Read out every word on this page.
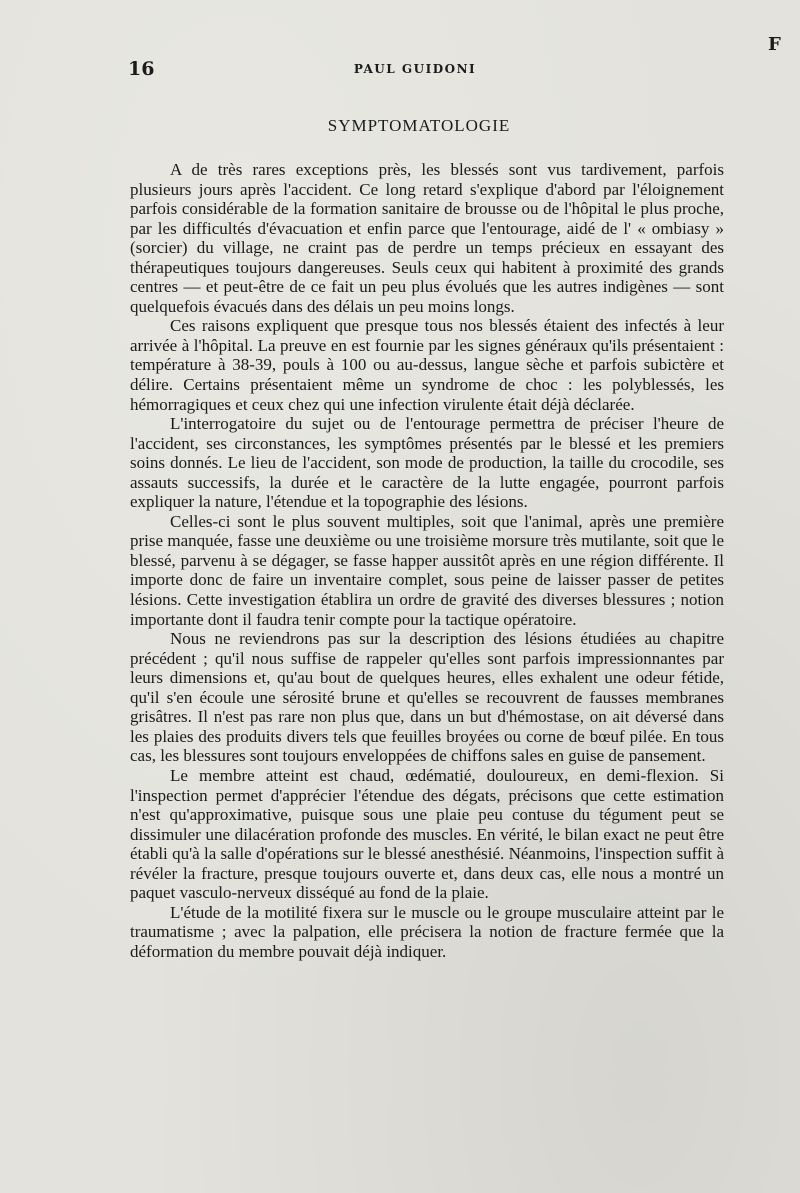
F
16	PAUL GUIDONI
SYMPTOMATOLOGIE

A de très rares exceptions près, les blessés sont vus tardivement, parfois plusieurs jours après l'accident. Ce long retard s'explique d'abord par l'éloignement parfois considérable de la formation sanitaire de brousse ou de l'hôpital le plus proche, par les difficultés d'évacuation et enfin parce que l'entourage, aidé de l' « ombiasy » (sorcier) du village, ne craint pas de perdre un temps précieux en essayant des thérapeutiques toujours dangereuses. Seuls ceux qui habitent à proximité des grands centres — et peut-être de ce fait un peu plus évolués que les autres indigènes — sont quelquefois évacués dans des délais un peu moins longs.

Ces raisons expliquent que presque tous nos blessés étaient des infectés à leur arrivée à l'hôpital. La preuve en est fournie par les signes généraux qu'ils présentaient : température à 38-39, pouls à 100 ou au-dessus, langue sèche et parfois subictère et délire. Certains présentaient même un syndrome de choc : les polyblessés, les hémorragiques et ceux chez qui une infection virulente était déjà déclarée.

L'interrogatoire du sujet ou de l'entourage permettra de préciser l'heure de l'accident, ses circonstances, les symptômes présentés par le blessé et les premiers soins donnés. Le lieu de l'accident, son mode de production, la taille du crocodile, ses assauts successifs, la durée et le caractère de la lutte engagée, pourront parfois expliquer la nature, l'étendue et la topographie des lésions.

Celles-ci sont le plus souvent multiples, soit que l'animal, après une première prise manquée, fasse une deuxième ou une troisième morsure très mutilante, soit que le blessé, parvenu à se dégager, se fasse happer aussitôt après en une région différente. Il importe donc de faire un inventaire complet, sous peine de laisser passer de petites lésions. Cette investigation établira un ordre de gravité des diverses blessures ; notion importante dont il faudra tenir compte pour la tactique opératoire.

Nous ne reviendrons pas sur la description des lésions étudiées au chapitre précédent ; qu'il nous suffise de rappeler qu'elles sont parfois impressionnantes par leurs dimensions et, qu'au bout de quelques heures, elles exhalent une odeur fétide, qu'il s'en écoule une sérosité brune et qu'elles se recouvrent de fausses membranes grisâtres. Il n'est pas rare non plus que, dans un but d'hémostase, on ait déversé dans les plaies des produits divers tels que feuilles broyées ou corne de bœuf pilée. En tous cas, les blessures sont toujours enveloppées de chiffons sales en guise de pansement.

Le membre atteint est chaud, œdématié, douloureux, en demi-flexion. Si l'inspection permet d'apprécier l'étendue des dégats, précisons que cette estimation n'est qu'approximative, puisque sous une plaie peu contuse du tégument peut se dissimuler une dilacération profonde des muscles. En vérité, le bilan exact ne peut être établi qu'à la salle d'opérations sur le blessé anesthésié. Néanmoins, l'inspection suffit à révéler la fracture, presque toujours ouverte et, dans deux cas, elle nous a montré un paquet vasculo-nerveux disséqué au fond de la plaie.

L'étude de la motilité fixera sur le muscle ou le groupe musculaire atteint par le traumatisme ; avec la palpation, elle précisera la notion de fracture fermée que la déformation du membre pouvait déjà indiquer.
